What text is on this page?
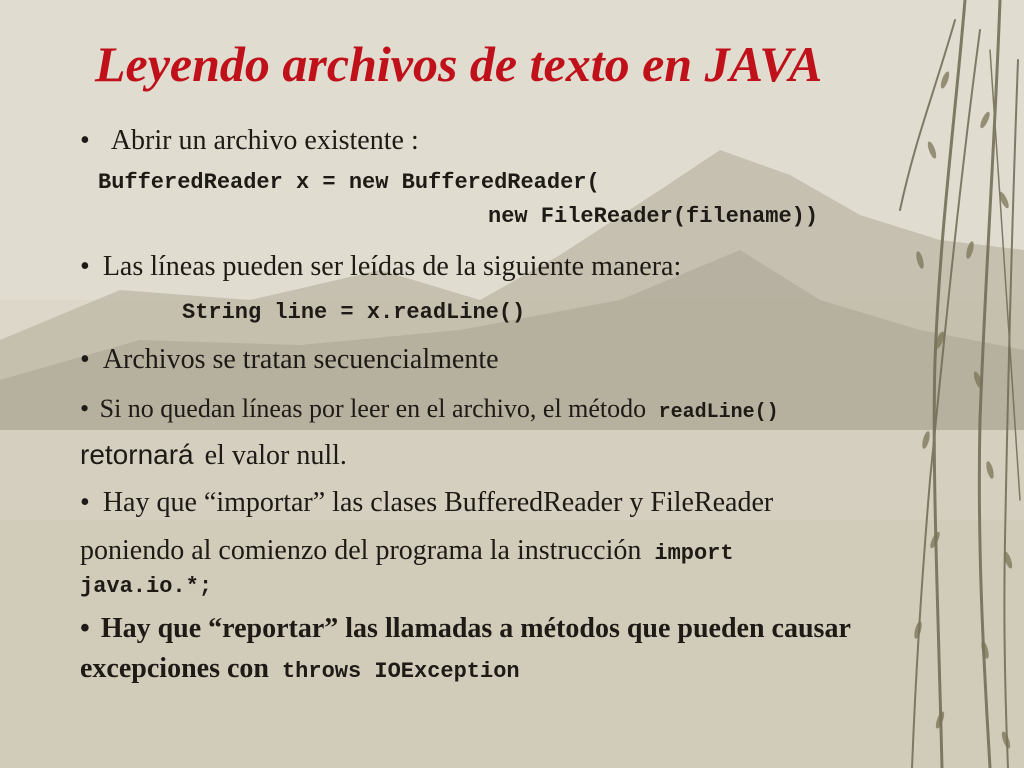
Leyendo archivos de texto en JAVA
• Abrir un archivo existente :
BufferedReader x = new BufferedReader(
new FileReader(filename))
• Las líneas pueden ser leídas de la siguiente manera:
String line = x.readLine()
• Archivos se tratan secuencialmente
• Si no quedan líneas por leer en el archivo, el método readLine()
retornará el valor null.
• Hay que “importar” las clases BufferedReader y FileReader
poniendo al comienzo del programa la instrucción import
java.io.*;
• Hay que “reportar” las llamadas a métodos que pueden causar
excepciones con throws IOException
